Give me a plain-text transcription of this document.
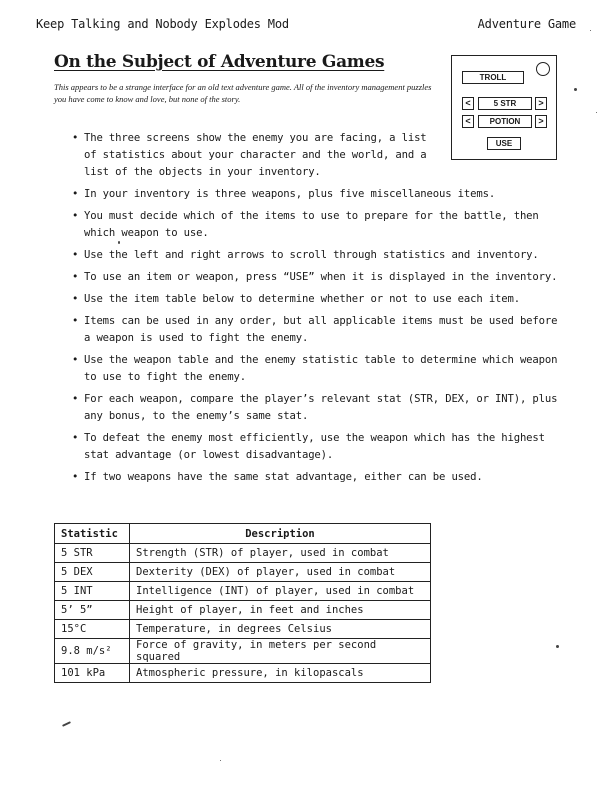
Keep Talking and Nobody Explodes Mod	Adventure Game
On the Subject of Adventure Games

This appears to be a strange interface for an old text adventure game. All of the inventory management puzzles you have come to know and love, but none of the story.

TROLL
<	5 STR	>
<	POTION	>
USE
• The three screens show the enemy you are facing, a list of statistics about your character and the world, and a list of the objects in your inventory.
• In your inventory is three weapons, plus five miscellaneous items.
• You must decide which of the items to use to prepare for the battle, then which weapon to use.
• Use the left and right arrows to scroll through statistics and inventory.
• To use an item or weapon, press “USE” when it is displayed in the inventory.
• Use the item table below to determine whether or not to use each item.
• Items can be used in any order, but all applicable items must be used before a weapon is used to fight the enemy.
• Use the weapon table and the enemy statistic table to determine which weapon to use to fight the enemy.
• For each weapon, compare the player’s relevant stat (STR, DEX, or INT), plus any bonus, to the enemy’s same stat.
• To defeat the enemy most efficiently, use the weapon which has the highest stat advantage (or lowest disadvantage).
• If two weapons have the same stat advantage, either can be used.
Statistic	Description
5 STR	Strength (STR) of player, used in combat
5 DEX	Dexterity (DEX) of player, used in combat
5 INT	Intelligence (INT) of player, used in combat
5’ 5”	Height of player, in feet and inches
15°C	Temperature, in degrees Celsius
9.8 m/s²	Force of gravity, in meters per second squared
101 kPa	Atmospheric pressure, in kilopascals
